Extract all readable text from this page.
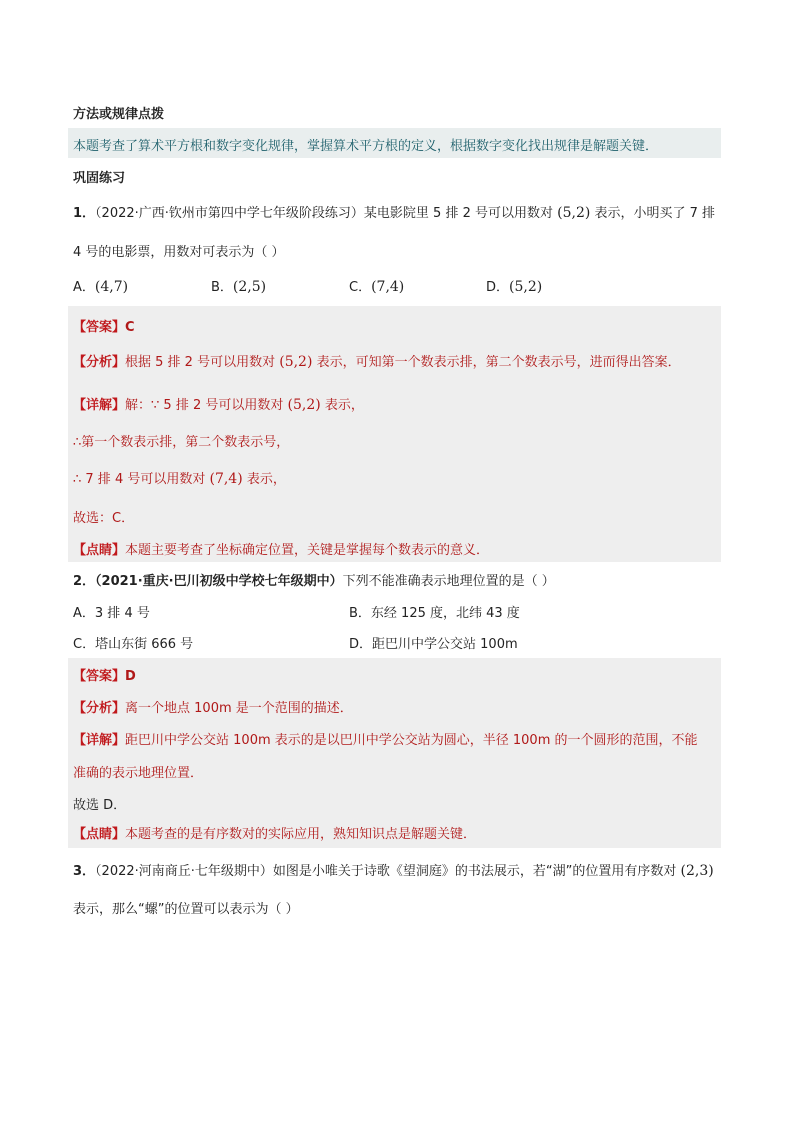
方法或规律点拨
本题考查了算术平方根和数字变化规律，掌握算术平方根的定义，根据数字变化找出规律是解题关键．
巩固练习
1．（2022·广西·钦州市第四中学七年级阶段练习）某电影院里 5 排 2 号可以用数对 (5,2) 表示，小明买了 7 排
4 号的电影票，用数对可表示为（ ）
A．(4,7)	B．(2,5)	C．(7,4)	D．(5,2)
【答案】C
【分析】根据 5 排 2 号可以用数对 (5,2) 表示，可知第一个数表示排，第二个数表示号，进而得出答案．
【详解】解：∵ 5 排 2 号可以用数对 (5,2) 表示，
∴第一个数表示排，第二个数表示号，
∴ 7 排 4 号可以用数对 (7,4) 表示，
故选：C．
【点睛】本题主要考查了坐标确定位置，关键是掌握每个数表示的意义．
2．（2021·重庆·巴川初级中学校七年级期中）下列不能准确表示地理位置的是（ ）
A．3 排 4 号	B．东经 125 度，北纬 43 度
C．塔山东街 666 号	D．距巴川中学公交站 100m
【答案】D
【分析】离一个地点 100m 是一个范围的描述．
【详解】距巴川中学公交站 100m 表示的是以巴川中学公交站为圆心，半径 100m 的一个圆形的范围，不能
准确的表示地理位置．
故选 D．
【点睛】本题考查的是有序数对的实际应用，熟知知识点是解题关键．
3．（2022·河南商丘·七年级期中）如图是小唯关于诗歌《望洞庭》的书法展示，若“湖”的位置用有序数对 (2,3)
表示，那么“螺”的位置可以表示为（ ）
